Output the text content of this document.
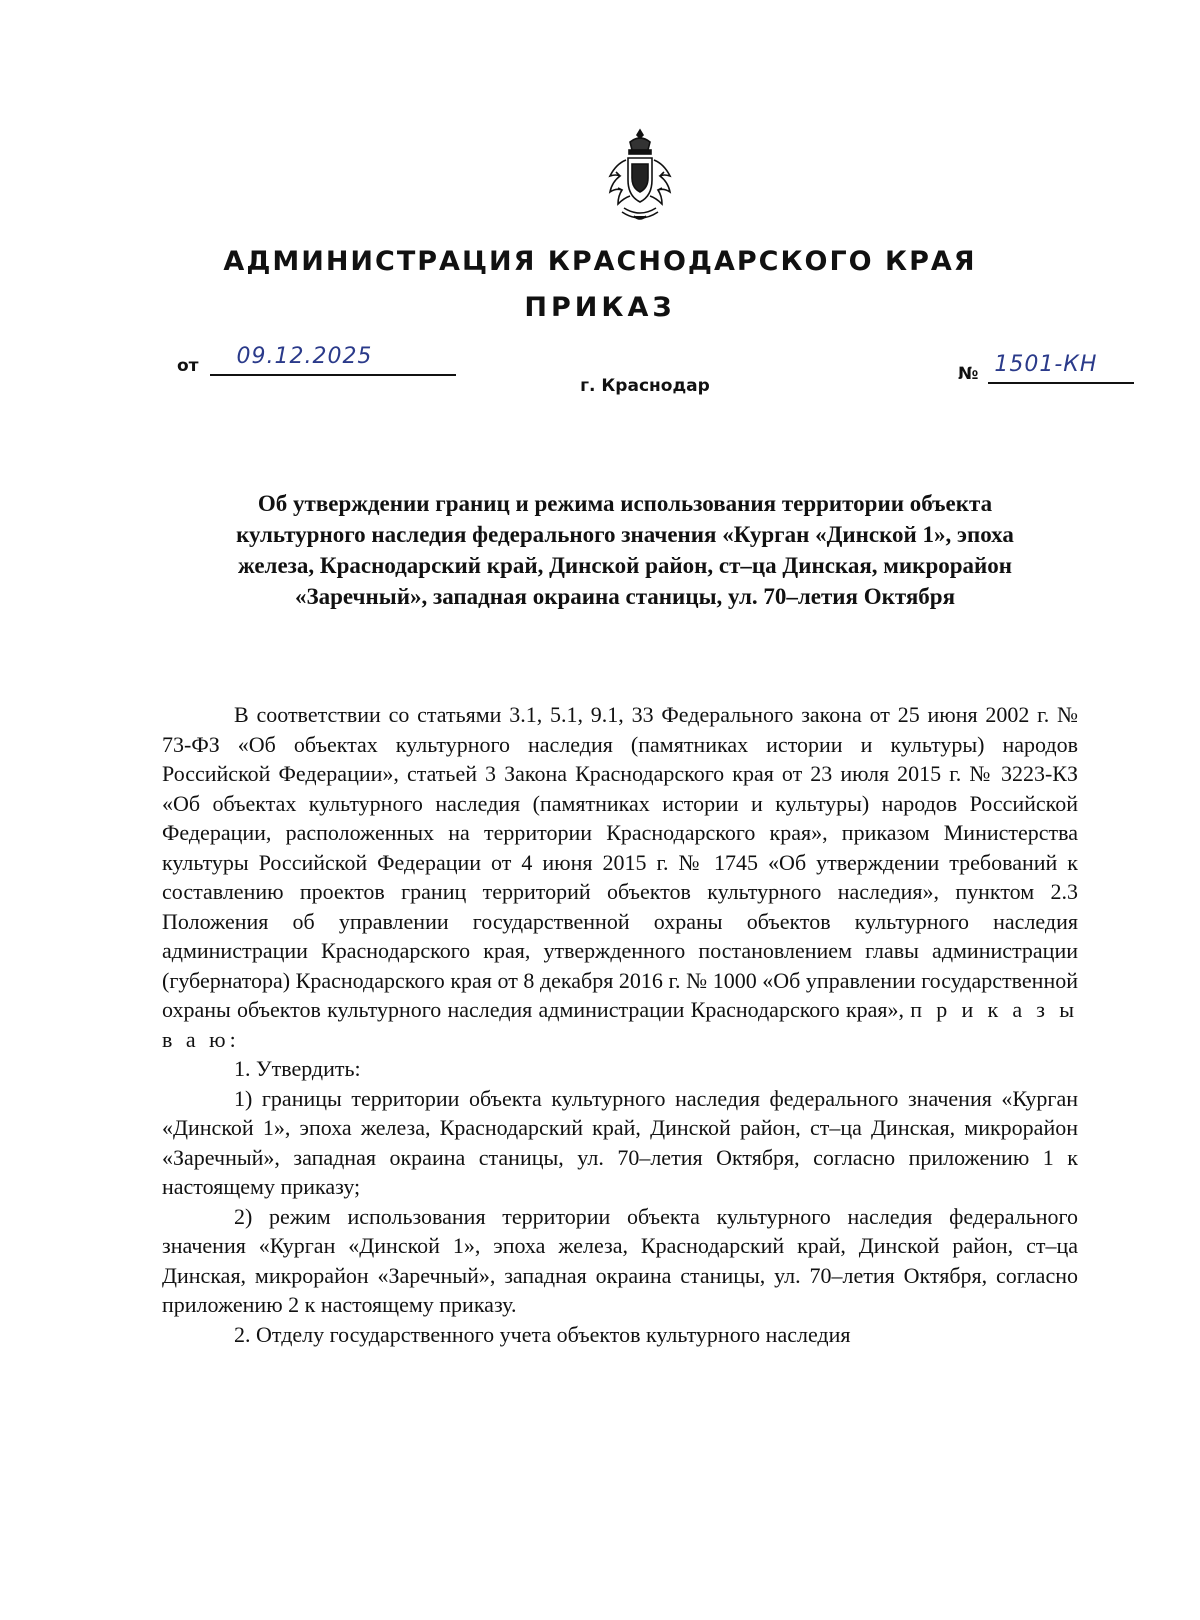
АДМИНИСТРАЦИЯ КРАСНОДАРСКОГО КРАЯ
ПРИКАЗ
от 09.12.2025
№ 1501-КН
г. Краснодар
Об утверждении границ и режима использования территории объекта культурного наследия федерального значения «Курган «Динской 1», эпоха железа, Краснодарский край, Динской район, ст–ца Динская, микрорайон «Заречный», западная окраина станицы, ул. 70–летия Октября

В соответствии со статьями 3.1, 5.1, 9.1, 33 Федерального закона от 25 июня 2002 г. № 73-ФЗ «Об объектах культурного наследия (памятниках истории и культуры) народов Российской Федерации», статьей 3 Закона Краснодарского края от 23 июля 2015 г. № 3223-КЗ «Об объектах культурного наследия (памятниках истории и культуры) народов Российской Федерации, расположенных на территории Краснодарского края», приказом Министерства культуры Российской Федерации от 4 июня 2015 г. № 1745 «Об утверждении требований к составлению проектов границ территорий объектов культурного наследия», пунктом 2.3 Положения об управлении государственной охраны объектов культурного наследия администрации Краснодарского края, утвержденного постановлением главы администрации (губернатора) Краснодарского края от 8 декабря 2016 г. № 1000 «Об управлении государственной охраны объектов культурного наследия администрации Краснодарского края», п р и к а з ы в а ю:

1. Утвердить:

1) границы территории объекта культурного наследия федерального значения «Курган «Динской 1», эпоха железа, Краснодарский край, Динской район, ст–ца Динская, микрорайон «Заречный», западная окраина станицы, ул. 70–летия Октября, согласно приложению 1 к настоящему приказу;

2) режим использования территории объекта культурного наследия федерального значения «Курган «Динской 1», эпоха железа, Краснодарский край, Динской район, ст–ца Динская, микрорайон «Заречный», западная окраина станицы, ул. 70–летия Октября, согласно приложению 2 к настоящему приказу.

2. Отделу государственного учета объектов культурного наследия
